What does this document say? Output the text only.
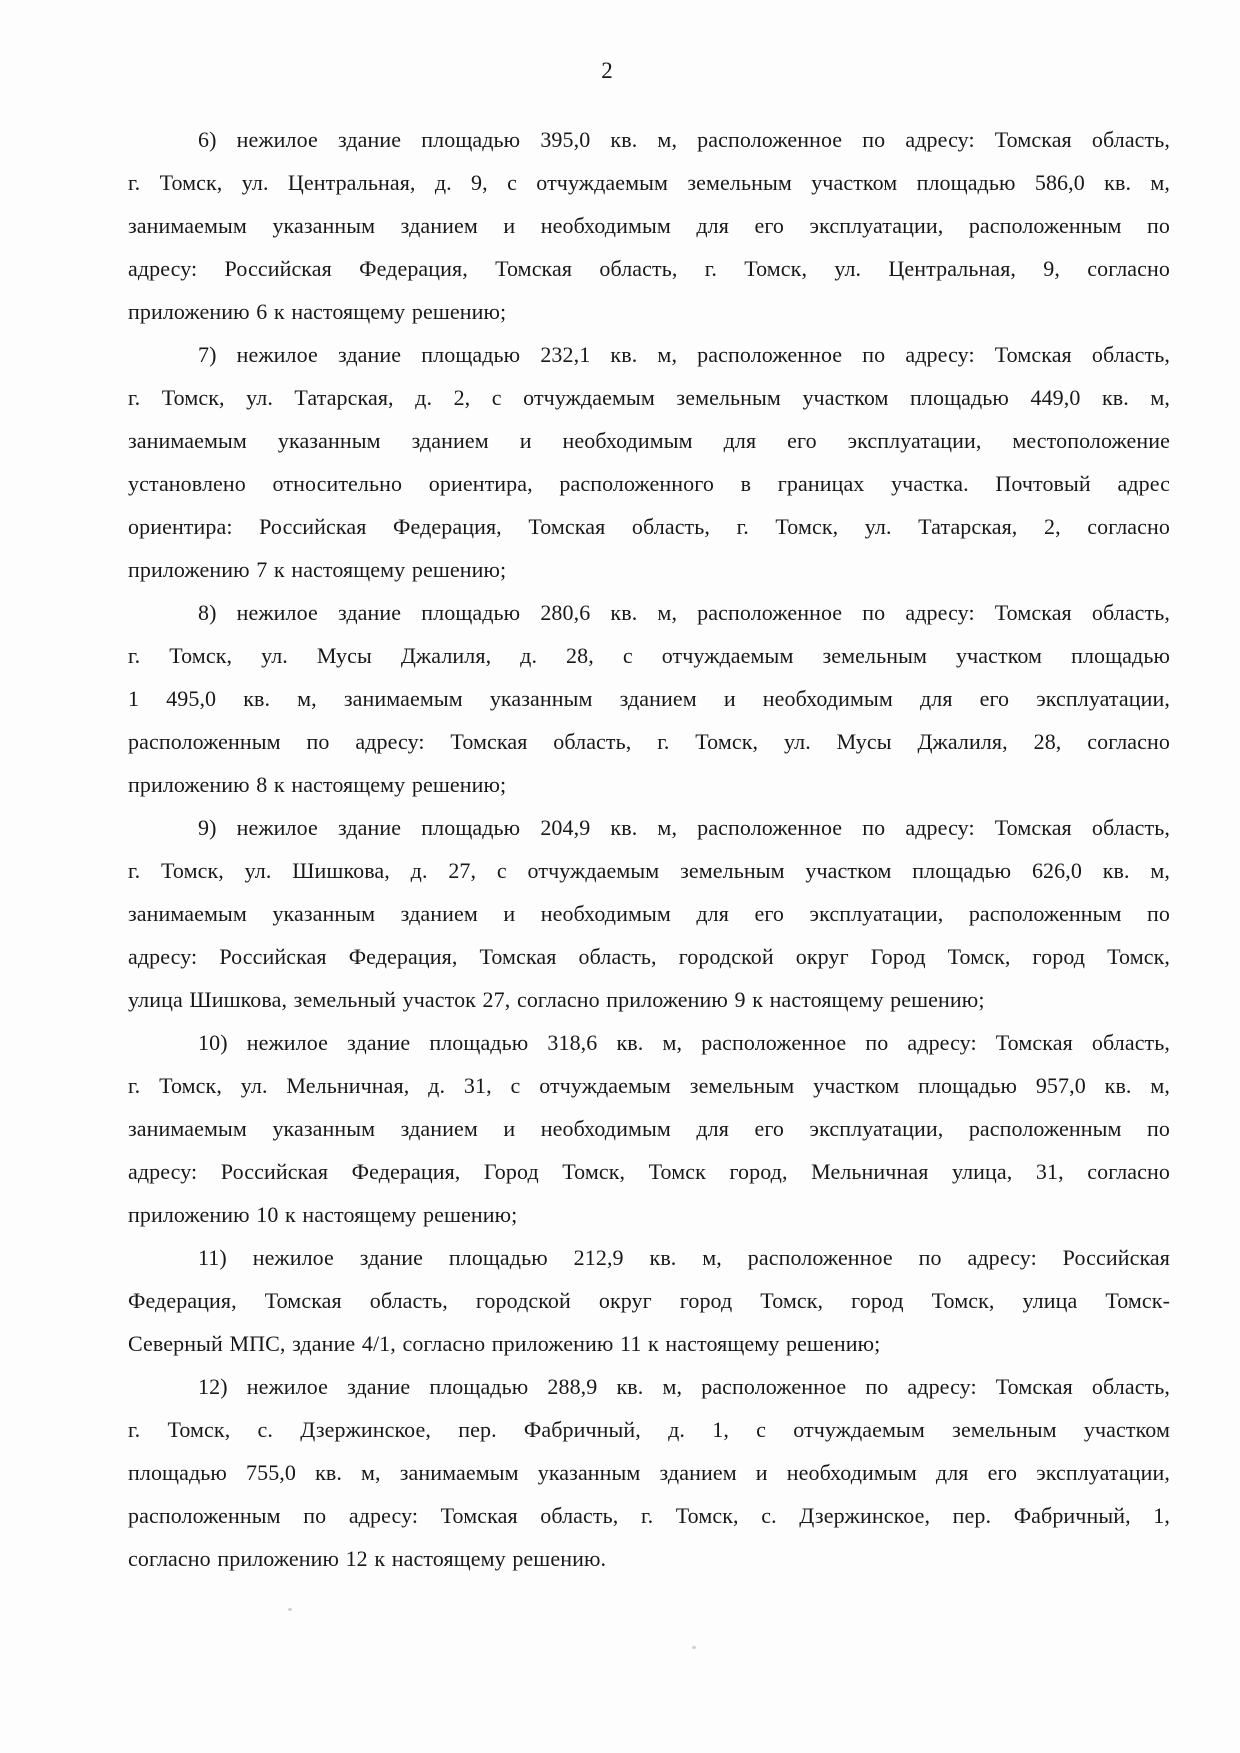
2
6) нежилое здание площадью 395,0 кв. м, расположенное по адресу: Томская область,
г. Томск, ул. Центральная, д. 9, с отчуждаемым земельным участком площадью 586,0 кв. м,
занимаемым указанным зданием и необходимым для его эксплуатации, расположенным по
адресу: Российская Федерация, Томская область, г. Томск, ул. Центральная, 9, согласно
приложению 6 к настоящему решению;
7) нежилое здание площадью 232,1 кв. м, расположенное по адресу: Томская область,
г. Томск, ул. Татарская, д. 2, с отчуждаемым земельным участком площадью 449,0 кв. м,
занимаемым указанным зданием и необходимым для его эксплуатации, местоположение
установлено относительно ориентира, расположенного в границах участка. Почтовый адрес
ориентира: Российская Федерация, Томская область, г. Томск, ул. Татарская, 2, согласно
приложению 7 к настоящему решению;
8) нежилое здание площадью 280,6 кв. м, расположенное по адресу: Томская область,
г. Томск, ул. Мусы Джалиля, д. 28, с отчуждаемым земельным участком площадью
1 495,0 кв. м, занимаемым указанным зданием и необходимым для его эксплуатации,
расположенным по адресу: Томская область, г. Томск, ул. Мусы Джалиля, 28, согласно
приложению 8 к настоящему решению;
9) нежилое здание площадью 204,9 кв. м, расположенное по адресу: Томская область,
г. Томск, ул. Шишкова, д. 27, с отчуждаемым земельным участком площадью 626,0 кв. м,
занимаемым указанным зданием и необходимым для его эксплуатации, расположенным по
адресу: Российская Федерация, Томская область, городской округ Город Томск, город Томск,
улица Шишкова, земельный участок 27, согласно приложению 9 к настоящему решению;
10) нежилое здание площадью 318,6 кв. м, расположенное по адресу: Томская область,
г. Томск, ул. Мельничная, д. 31, с отчуждаемым земельным участком площадью 957,0 кв. м,
занимаемым указанным зданием и необходимым для его эксплуатации, расположенным по
адресу: Российская Федерация, Город Томск, Томск город, Мельничная улица, 31, согласно
приложению 10 к настоящему решению;
11) нежилое здание площадью 212,9 кв. м, расположенное по адресу: Российская
Федерация, Томская область, городской округ город Томск, город Томск, улица Томск-
Северный МПС, здание 4/1, согласно приложению 11 к настоящему решению;
12) нежилое здание площадью 288,9 кв. м, расположенное по адресу: Томская область,
г. Томск, с. Дзержинское, пер. Фабричный, д. 1, с отчуждаемым земельным участком
площадью 755,0 кв. м, занимаемым указанным зданием и необходимым для его эксплуатации,
расположенным по адресу: Томская область, г. Томск, с. Дзержинское, пер. Фабричный, 1,
согласно приложению 12 к настоящему решению.
